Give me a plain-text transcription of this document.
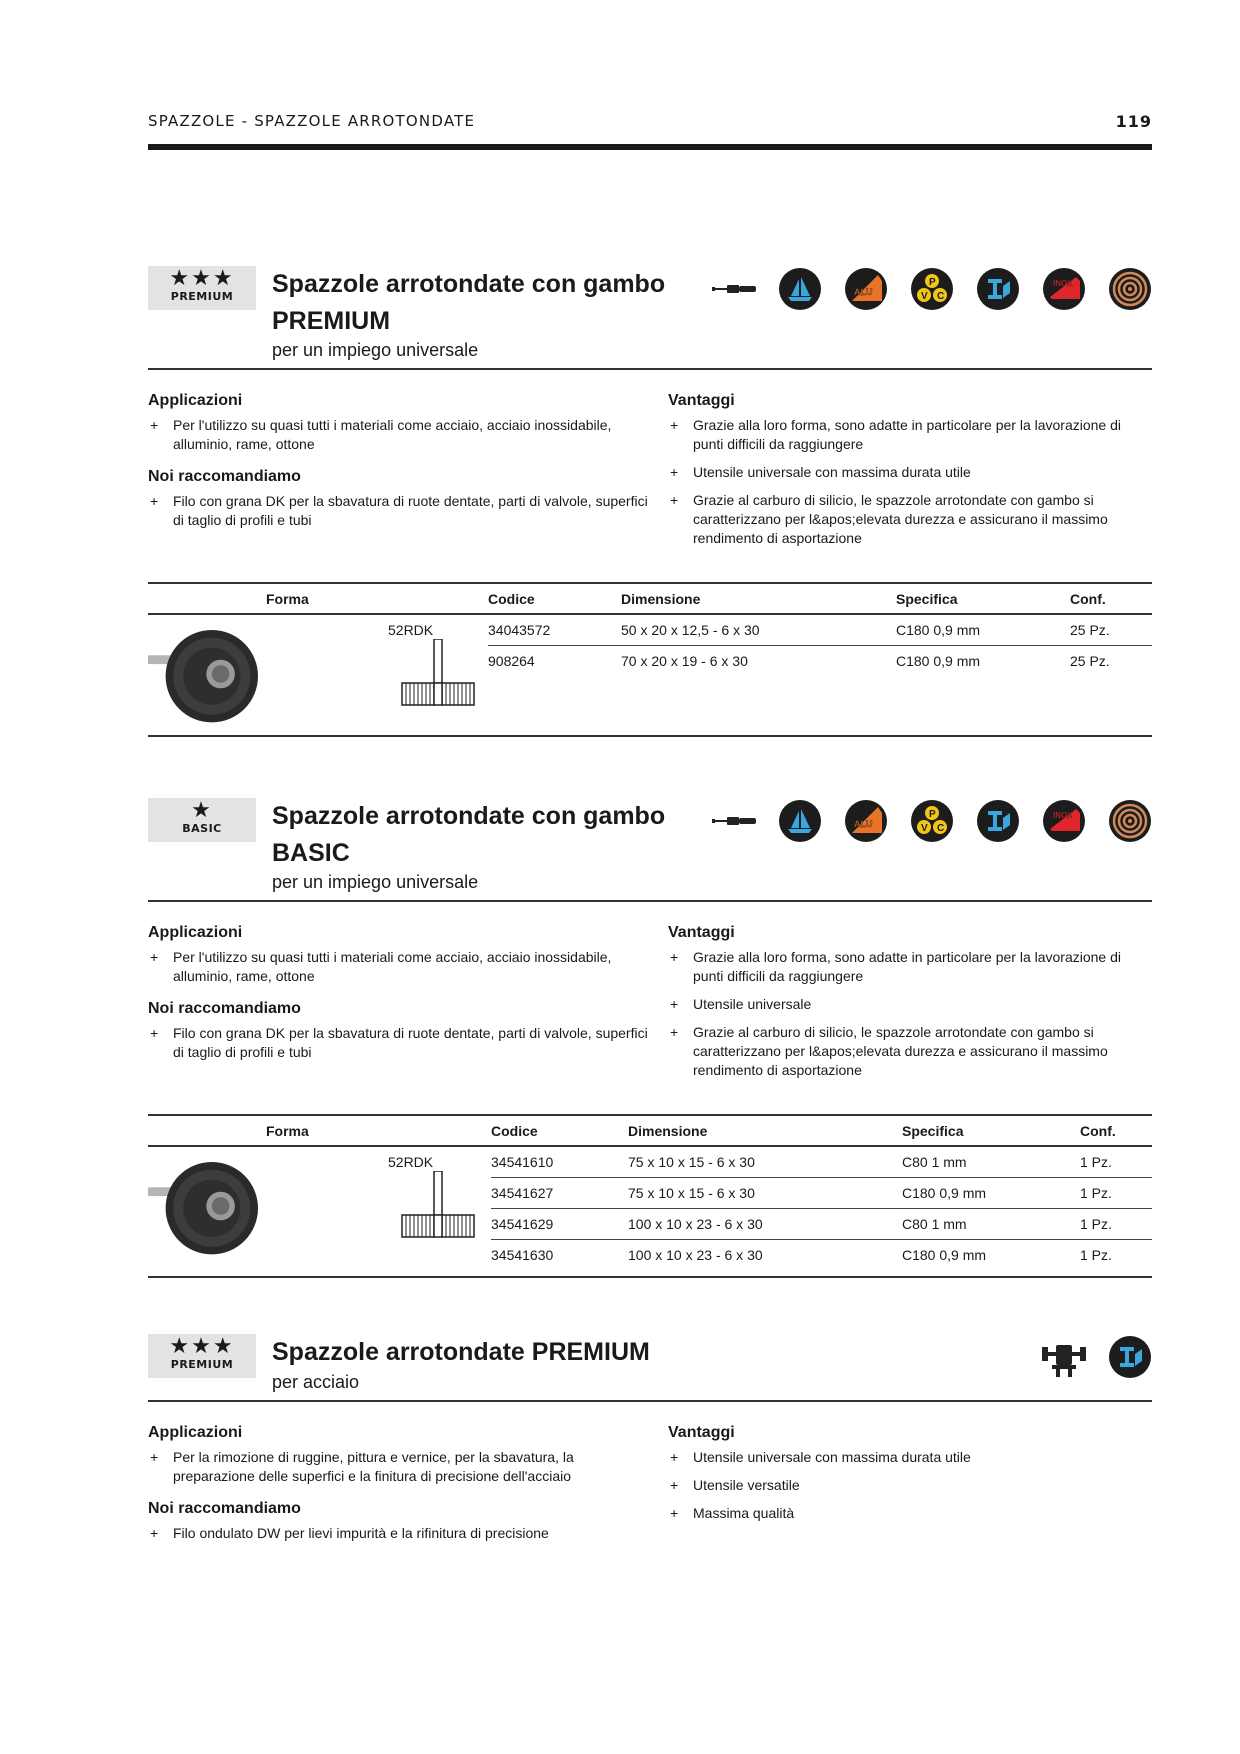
SPAZZOLE - SPAZZOLE ARROTONDATE	119
★★★
PREMIUM	Spazzole arrotondate con gambo PREMIUM
per un impiego universale
ALU
P
V C
INOX
Applicazioni
+ Per l'utilizzo su quasi tutti i materiali come acciaio, acciaio inossidabile, alluminio, rame, ottone
Noi raccomandiamo
+ Filo con grana DK per la sbavatura di ruote dentate, parti di valvole, superfici di taglio di profili e tubi
Vantaggi
+ Grazie alla loro forma, sono adatte in particolare per la lavorazione di punti difficili da raggiungere
+ Utensile universale con massima durata utile
+ Grazie al carburo di silicio, le spazzole arrotondate con gambo si caratterizzano per l&apos;elevata durezza e assicurano il massimo rendimento di asportazione
Forma			Codice	Dimensione	Specifica	Conf.

	52RDK	34043572	50 x 20 x 12,5 - 6 x 30	C180 0,9 mm	25 Pz.
			908264	70 x 20 x 19 - 6 x 30	C180 0,9 mm	25 Pz.
★
BASIC	Spazzole arrotondate con gambo BASIC
per un impiego universale
ALU
P
V C
INOX
Applicazioni
+ Per l'utilizzo su quasi tutti i materiali come acciaio, acciaio inossidabile, alluminio, rame, ottone
Noi raccomandiamo
+ Filo con grana DK per la sbavatura di ruote dentate, parti di valvole, superfici di taglio di profili e tubi
Vantaggi
+ Grazie alla loro forma, sono adatte in particolare per la lavorazione di punti difficili da raggiungere
+ Utensile universale
+ Grazie al carburo di silicio, le spazzole arrotondate con gambo si caratterizzano per l&apos;elevata durezza e assicurano il massimo rendimento di asportazione
Forma			Codice	Dimensione	Specifica	Conf.

	52RDK	34541610	75 x 10 x 15 - 6 x 30	C80 1 mm	1 Pz.
			34541627	75 x 10 x 15 - 6 x 30	C180 0,9 mm	1 Pz.
			34541629	100 x 10 x 23 - 6 x 30	C80 1 mm	1 Pz.
			34541630	100 x 10 x 23 - 6 x 30	C180 0,9 mm	1 Pz.
★★★
PREMIUM	Spazzole arrotondate PREMIUM
per acciaio
Applicazioni
+ Per la rimozione di ruggine, pittura e vernice, per la sbavatura, la preparazione delle superfici e la finitura di precisione dell'acciaio
Noi raccomandiamo
+ Filo ondulato DW per lievi impurità e la rifinitura di precisione
Vantaggi
+ Utensile universale con massima durata utile
+ Utensile versatile
+ Massima qualità
